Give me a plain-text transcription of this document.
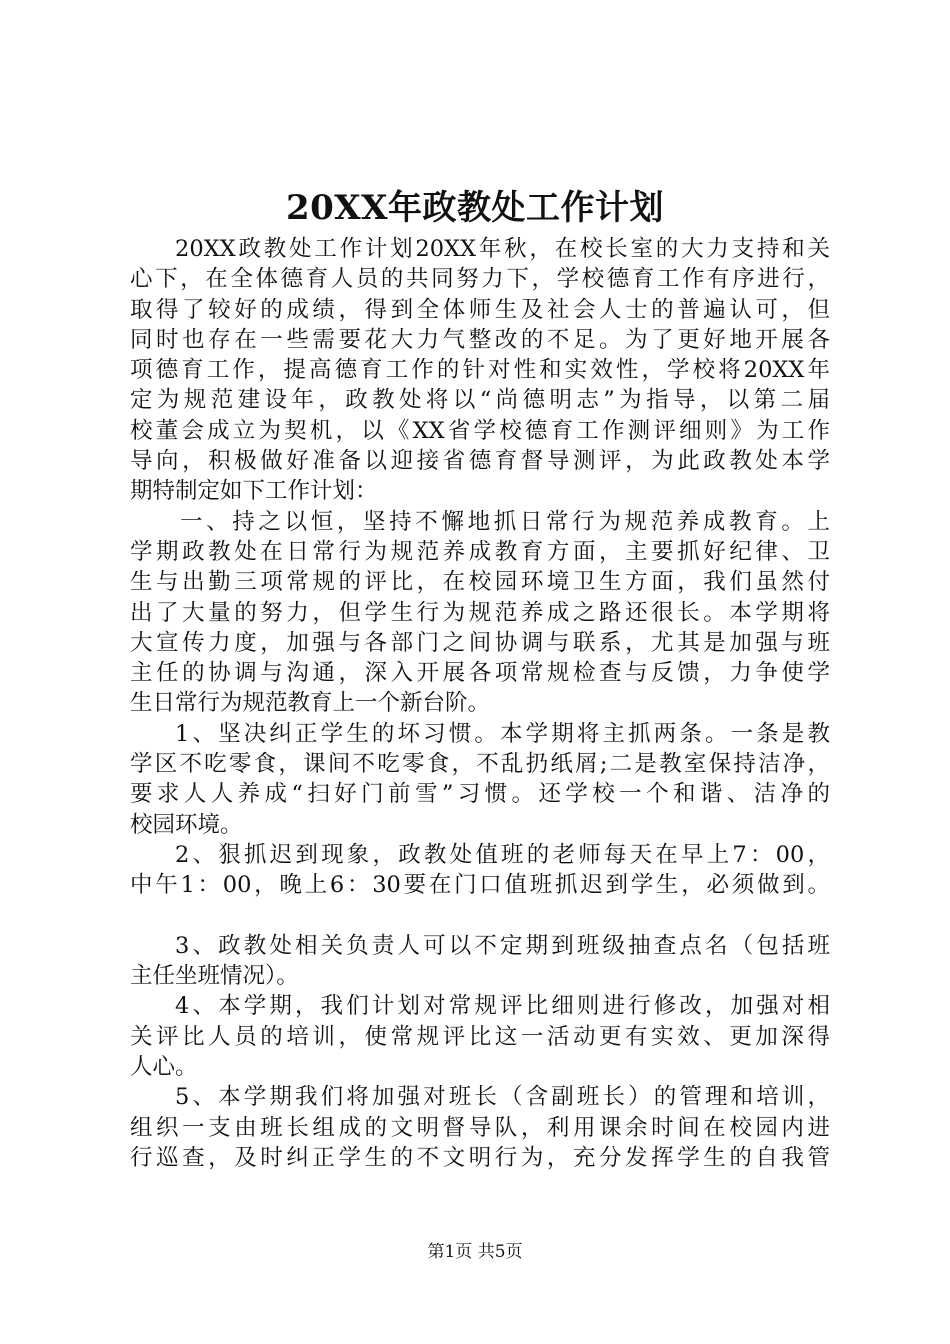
20XX年政教处工作计划
20XX政教处工作计划20XX年秋，在校长室的大力支持和关
心下，在全体德育人员的共同努力下，学校德育工作有序进行，
取得了较好的成绩，得到全体师生及社会人士的普遍认可，但
同时也存在一些需要花大力气整改的不足。为了更好地开展各
项德育工作，提高德育工作的针对性和实效性，学校将20XX年
定为规范建设年，政教处将以“尚德明志”为指导，以第二届
校董会成立为契机，以《XX省学校德育工作测评细则》为工作
导向，积极做好准备以迎接省德育督导测评，为此政教处本学
期特制定如下工作计划：
一、持之以恒，坚持不懈地抓日常行为规范养成教育。上
学期政教处在日常行为规范养成教育方面，主要抓好纪律、卫
生与出勤三项常规的评比，在校园环境卫生方面，我们虽然付
出了大量的努力，但学生行为规范养成之路还很长。本学期将
大宣传力度，加强与各部门之间协调与联系，尤其是加强与班
主任的协调与沟通，深入开展各项常规检查与反馈，力争使学
生日常行为规范教育上一个新台阶。
1、坚决纠正学生的坏习惯。本学期将主抓两条。一条是教
学区不吃零食，课间不吃零食，不乱扔纸屑;二是教室保持洁净，
要求人人养成“扫好门前雪”习惯。还学校一个和谐、洁净的
校园环境。
2、狠抓迟到现象，政教处值班的老师每天在早上7：00，
中午1：00，晚上6：30要在门口值班抓迟到学生，必须做到。
3、政教处相关负责人可以不定期到班级抽查点名（包括班
主任坐班情况）。
4、本学期，我们计划对常规评比细则进行修改，加强对相
关评比人员的培训，使常规评比这一活动更有实效、更加深得
人心。
5、本学期我们将加强对班长（含副班长）的管理和培训，
组织一支由班长组成的文明督导队，利用课余时间在校园内进
行巡查，及时纠正学生的不文明行为，充分发挥学生的自我管
第1页 共5页
